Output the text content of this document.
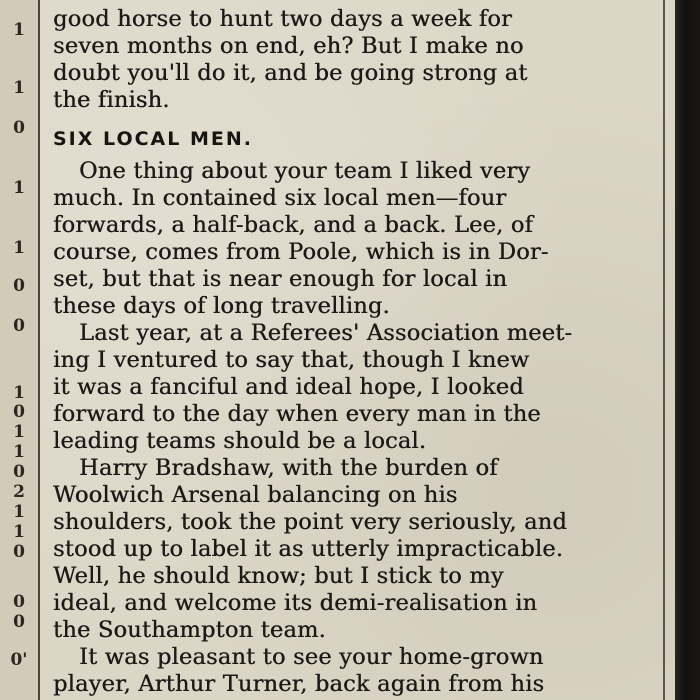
1
1
0
1
1
0
0
1
0
1
1
0
2
1
1
0
0
0
0'
good horse to hunt two days a week for
seven months on end, eh? But I make no
doubt you'll do it, and be going strong at
the finish.
SIX LOCAL MEN.
One thing about your team I liked very
much. In contained six local men—four
forwards, a half-back, and a back. Lee, of
course, comes from Poole, which is in Dor-
set, but that is near enough for local in
these days of long travelling.
Last year, at a Referees' Association meet-
ing I ventured to say that, though I knew
it was a fanciful and ideal hope, I looked
forward to the day when every man in the
leading teams should be a local.
Harry Bradshaw, with the burden of
Woolwich Arsenal balancing on his
shoulders, took the point very seriously, and
stood up to label it as utterly impracticable.
Well, he should know; but I stick to my
ideal, and welcome its demi-realisation in
the Southampton team.
It was pleasant to see your home-grown
player, Arthur Turner, back again from his
